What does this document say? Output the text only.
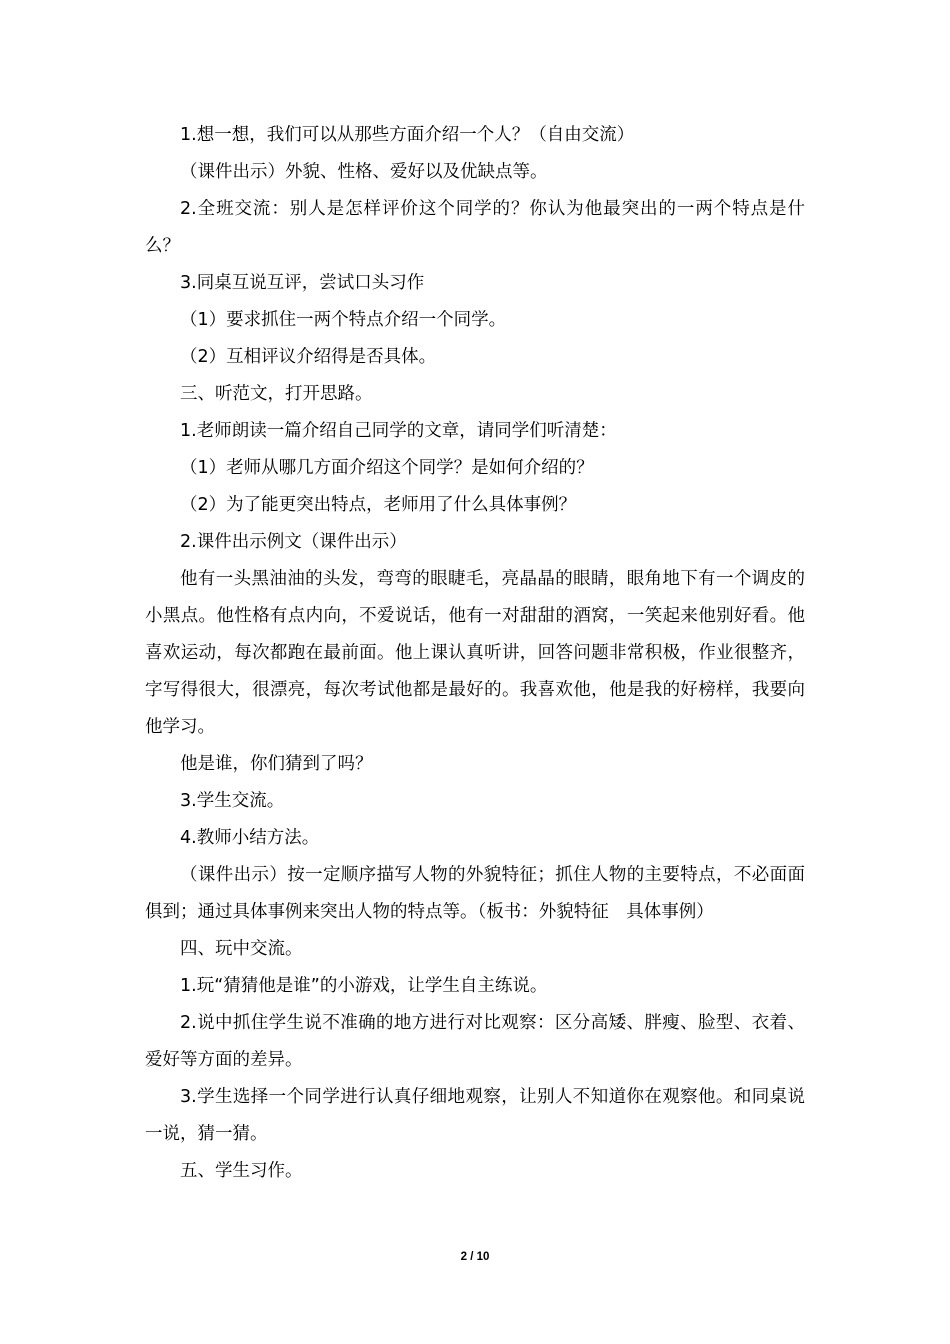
1.想一想，我们可以从那些方面介绍一个人？（自由交流）

（课件出示）外貌、性格、爱好以及优缺点等。

2.全班交流：别人是怎样评价这个同学的？你认为他最突出的一两个特点是什么？

3.同桌互说互评，尝试口头习作

（1）要求抓住一两个特点介绍一个同学。

（2）互相评议介绍得是否具体。

三、听范文，打开思路。

1.老师朗读一篇介绍自己同学的文章，请同学们听清楚：

（1）老师从哪几方面介绍这个同学？是如何介绍的？

（2）为了能更突出特点，老师用了什么具体事例？

2.课件出示例文（课件出示）

他有一头黑油油的头发，弯弯的眼睫毛，亮晶晶的眼睛，眼角地下有一个调皮的小黑点。他性格有点内向，不爱说话，他有一对甜甜的酒窝，一笑起来他别好看。他喜欢运动，每次都跑在最前面。他上课认真听讲，回答问题非常积极，作业很整齐，字写得很大，很漂亮，每次考试他都是最好的。我喜欢他，他是我的好榜样，我要向他学习。

他是谁，你们猜到了吗？

3.学生交流。

4.教师小结方法。

（课件出示）按一定顺序描写人物的外貌特征；抓住人物的主要特点，不必面面俱到；通过具体事例来突出人物的特点等。（板书：外貌特征　具体事例）

四、玩中交流。

1.玩“猜猜他是谁”的小游戏，让学生自主练说。

2.说中抓住学生说不准确的地方进行对比观察：区分高矮、胖瘦、脸型、衣着、爱好等方面的差异。

3.学生选择一个同学进行认真仔细地观察，让别人不知道你在观察他。和同桌说一说，猜一猜。

五、学生习作。

2 / 10
